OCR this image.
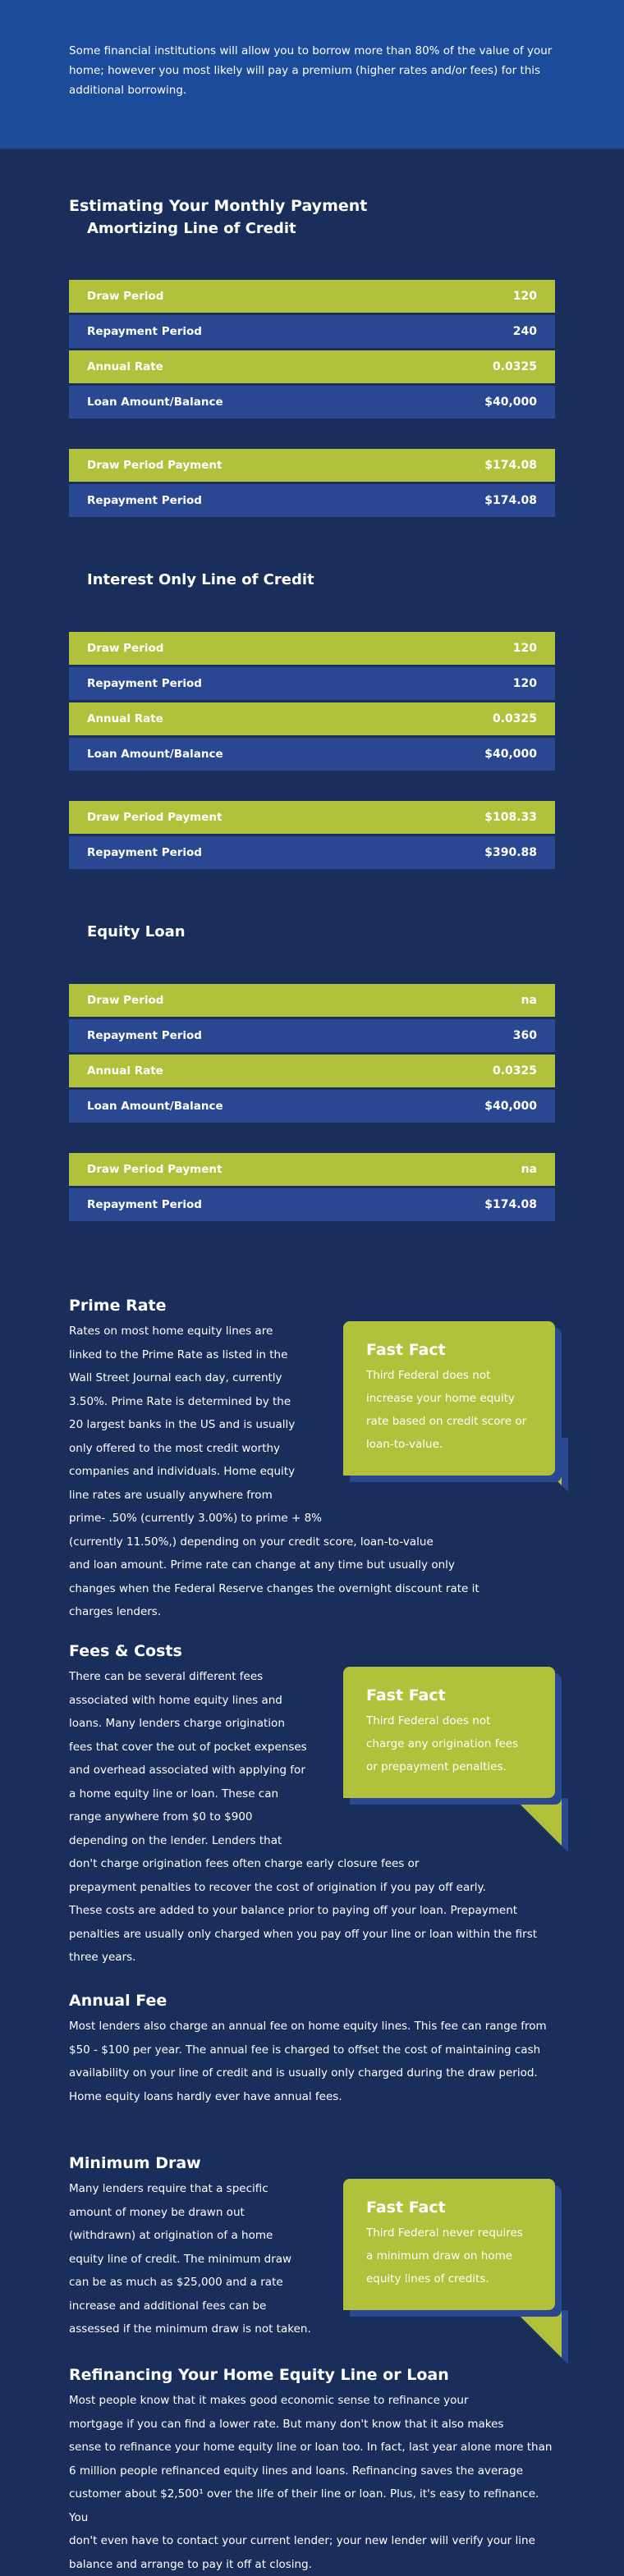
Some financial institutions will allow you to borrow more than 80% of the value of your home; however you most likely will pay a premium (higher rates and/or fees) for this additional borrowing.

Estimating Your Monthly Payment
Amortizing Line of Credit
Draw Period	120
Repayment Period	240
Annual Rate	0.0325
Loan Amount/Balance	$40,000
Draw Period Payment	$174.08
Repayment Period	$174.08
Interest Only Line of Credit
Draw Period	120
Repayment Period	120
Annual Rate	0.0325
Loan Amount/Balance	$40,000
Draw Period Payment	$108.33
Repayment Period	$390.88
Equity Loan
Draw Period	na
Repayment Period	360
Annual Rate	0.0325
Loan Amount/Balance	$40,000
Draw Period Payment	na
Repayment Period	$174.08
Prime Rate
Fast Fact
Third Federal does not increase your home equity rate based on credit score or loan-to-value.
Rates on most home equity lines are
linked to the Prime Rate as listed in the
Wall Street Journal each day, currently
3.50%. Prime Rate is determined by the
20 largest banks in the US and is usually
only offered to the most credit worthy
companies and individuals. Home equity
line rates are usually anywhere from
prime- .50% (currently 3.00%) to prime + 8%
(currently 11.50%,) depending on your credit score, loan-to-value
and loan amount. Prime rate can change at any time but usually only
changes when the Federal Reserve changes the overnight discount rate it
charges lenders.
Fees & Costs
Fast Fact
Third Federal does not charge any origination fees or prepayment penalties.
There can be several different fees
associated with home equity lines and
loans. Many lenders charge origination
fees that cover the out of pocket expenses
and overhead associated with applying for
a home equity line or loan. These can
range anywhere from $0 to $900
depending on the lender. Lenders that
don't charge origination fees often charge early closure fees or
prepayment penalties to recover the cost of origination if you pay off early.
These costs are added to your balance prior to paying off your loan. Prepayment
penalties are usually only charged when you pay off your line or loan within the first
three years.
Annual Fee
Most lenders also charge an annual fee on home equity lines. This fee can range from
$50 - $100 per year. The annual fee is charged to offset the cost of maintaining cash
availability on your line of credit and is usually only charged during the draw period.
Home equity loans hardly ever have annual fees.
Minimum Draw
Fast Fact
Third Federal never requires a minimum draw on home equity lines of credits.
Many lenders require that a specific
amount of money be drawn out
(withdrawn) at origination of a home
equity line of credit. The minimum draw
can be as much as $25,000 and a rate
increase and additional fees can be
assessed if the minimum draw is not taken.
Refinancing Your Home Equity Line or Loan
Most people know that it makes good economic sense to refinance your
mortgage if you can find a lower rate. But many don't know that it also makes
sense to refinance your home equity line or loan too. In fact, last year alone more than
6 million people refinanced equity lines and loans. Refinancing saves the average
customer about $2,500¹ over the life of their line or loan. Plus, it's easy to refinance. You
don't even have to contact your current lender; your new lender will verify your line
balance and arrange to pay it off at closing.
